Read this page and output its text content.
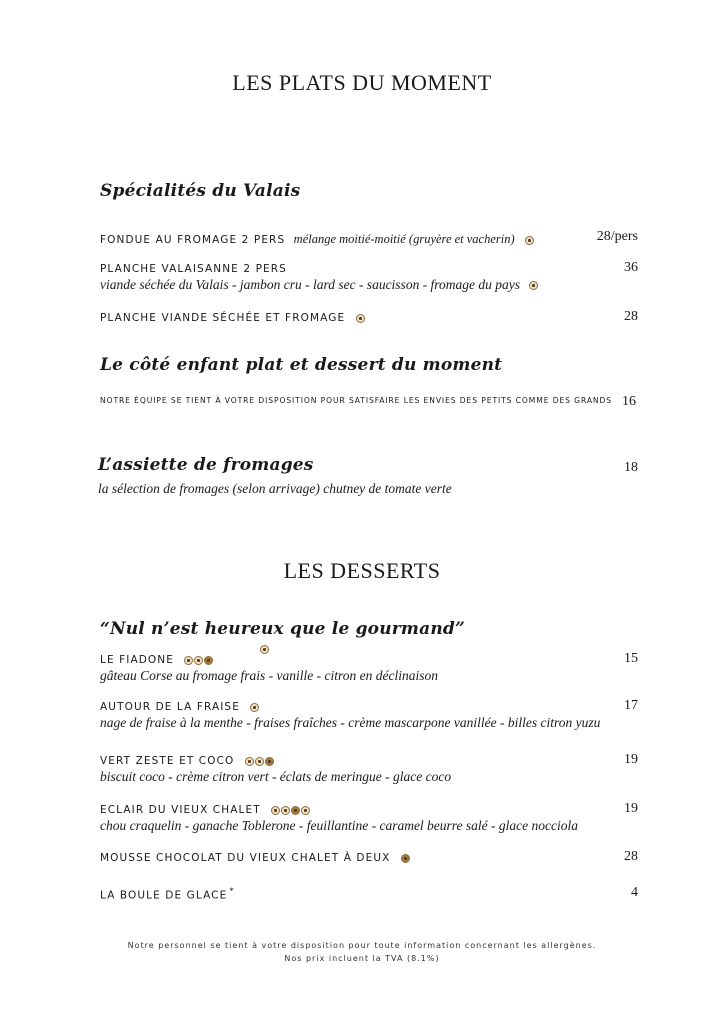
LES PLATS DU MOMENT
Spécialités du Valais
FONDUE AU FROMAGE 2 PERS mélange moitié-moitié (gruyère et vacherin)	28/pers
PLANCHE VALAISANNE 2 PERS	36
viande séchée du Valais - jambon cru - lard sec - saucisson - fromage du pays
PLANCHE VIANDE SÉCHÉE ET FROMAGE	28
Le côté enfant plat et dessert du moment
NOTRE ÉQUIPE SE TIENT À VOTRE DISPOSITION POUR SATISFAIRE LES ENVIES DES PETITS COMME DES GRANDS 16
L’assiette de fromages	18
la sélection de fromages (selon arrivage) chutney de tomate verte
LES DESSERTS
“Nul n’est heureux que le gourmand”
LE FIADONE	15
gâteau Corse au fromage frais - vanille - citron en déclinaison
AUTOUR DE LA FRAISE	17
nage de fraise à la menthe - fraises fraîches - crème mascarpone vanillée - billes citron yuzu
VERT ZESTE ET COCO	19
biscuit coco - crème citron vert - éclats de meringue - glace coco
ECLAIR DU VIEUX CHALET	19
chou craquelin - ganache Toblerone - feuillantine - caramel beurre salé - glace nocciola
MOUSSE CHOCOLAT DU VIEUX CHALET À DEUX	28
LA BOULE DE GLACE *	4
Notre personnel se tient à votre disposition pour toute information concernant les allergènes.
Nos prix incluent la TVA (8.1%)
